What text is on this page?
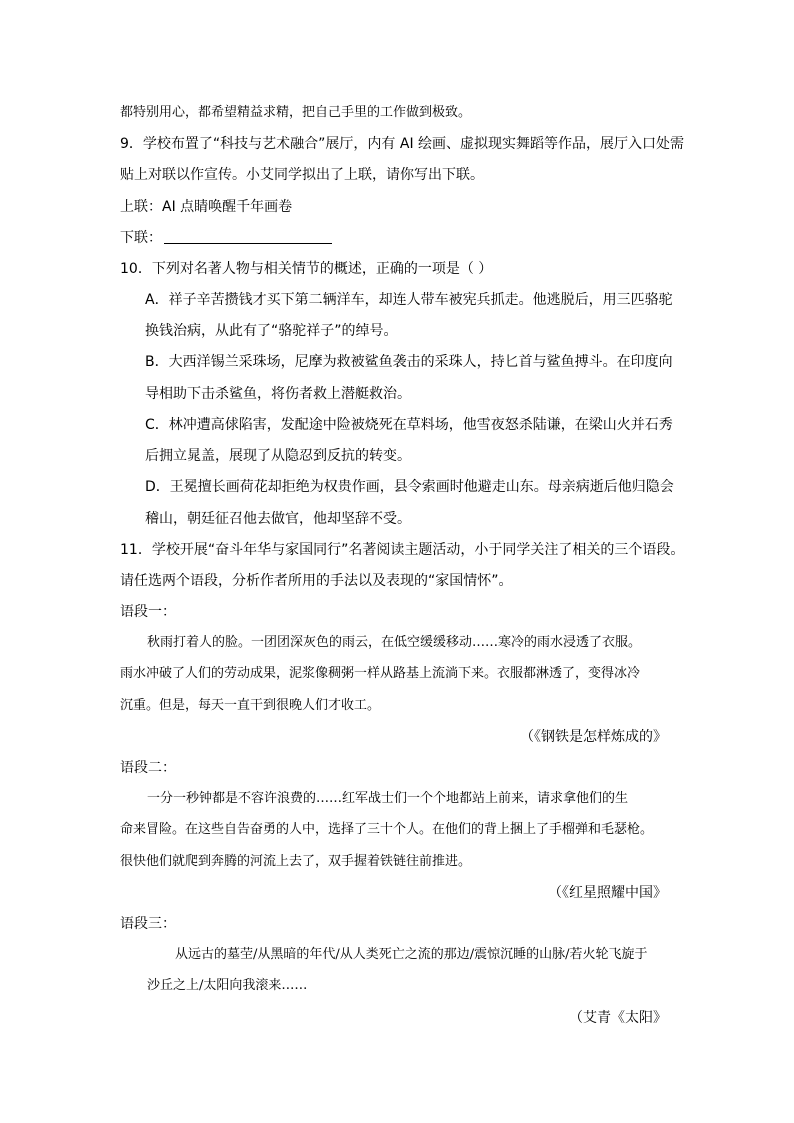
都特别用心，都希望精益求精，把自己手里的工作做到极致。
9．学校布置了“科技与艺术融合”展厅，内有 AI 绘画、虚拟现实舞蹈等作品，展厅入口处需
贴上对联以作宣传。小艾同学拟出了上联，请你写出下联。
上联：AI 点睛唤醒千年画卷
下联：
10．下列对名著人物与相关情节的概述，正确的一项是（ ）
A．祥子辛苦攒钱才买下第二辆洋车，却连人带车被宪兵抓走。他逃脱后，用三匹骆驼
换钱治病，从此有了“骆驼祥子”的绰号。
B．大西洋锡兰采珠场，尼摩为救被鲨鱼袭击的采珠人，持匕首与鲨鱼搏斗。在印度向
导相助下击杀鲨鱼，将伤者救上潜艇救治。
C．林冲遭高俅陷害，发配途中险被烧死在草料场，他雪夜怒杀陆谦，在梁山火并石秀
后拥立晁盖，展现了从隐忍到反抗的转变。
D．王冕擅长画荷花却拒绝为权贵作画，县令索画时他避走山东。母亲病逝后他归隐会
稽山，朝廷征召他去做官，他却坚辞不受。
11．学校开展“奋斗年华与家国同行”名著阅读主题活动，小于同学关注了相关的三个语段。
请任选两个语段，分析作者所用的手法以及表现的“家国情怀”。
语段一：
秋雨打着人的脸。一团团深灰色的雨云，在低空缓缓移动……寒冷的雨水浸透了衣服。
雨水冲破了人们的劳动成果，泥浆像稠粥一样从路基上流淌下来。衣服都淋透了，变得冰冷
沉重。但是，每天一直干到很晚人们才收工。
（《钢铁是怎样炼成的》
语段二：
一分一秒钟都是不容许浪费的……红军战士们一个个地都站上前来，请求拿他们的生
命来冒险。在这些自告奋勇的人中，选择了三十个人。在他们的背上捆上了手榴弹和毛瑟枪。
很快他们就爬到奔腾的河流上去了，双手握着铁链往前推进。
（《红星照耀中国》
语段三：
从远古的墓茔/从黑暗的年代/从人类死亡之流的那边/震惊沉睡的山脉/若火轮飞旋于
沙丘之上/太阳向我滚来……
（艾青《太阳》
